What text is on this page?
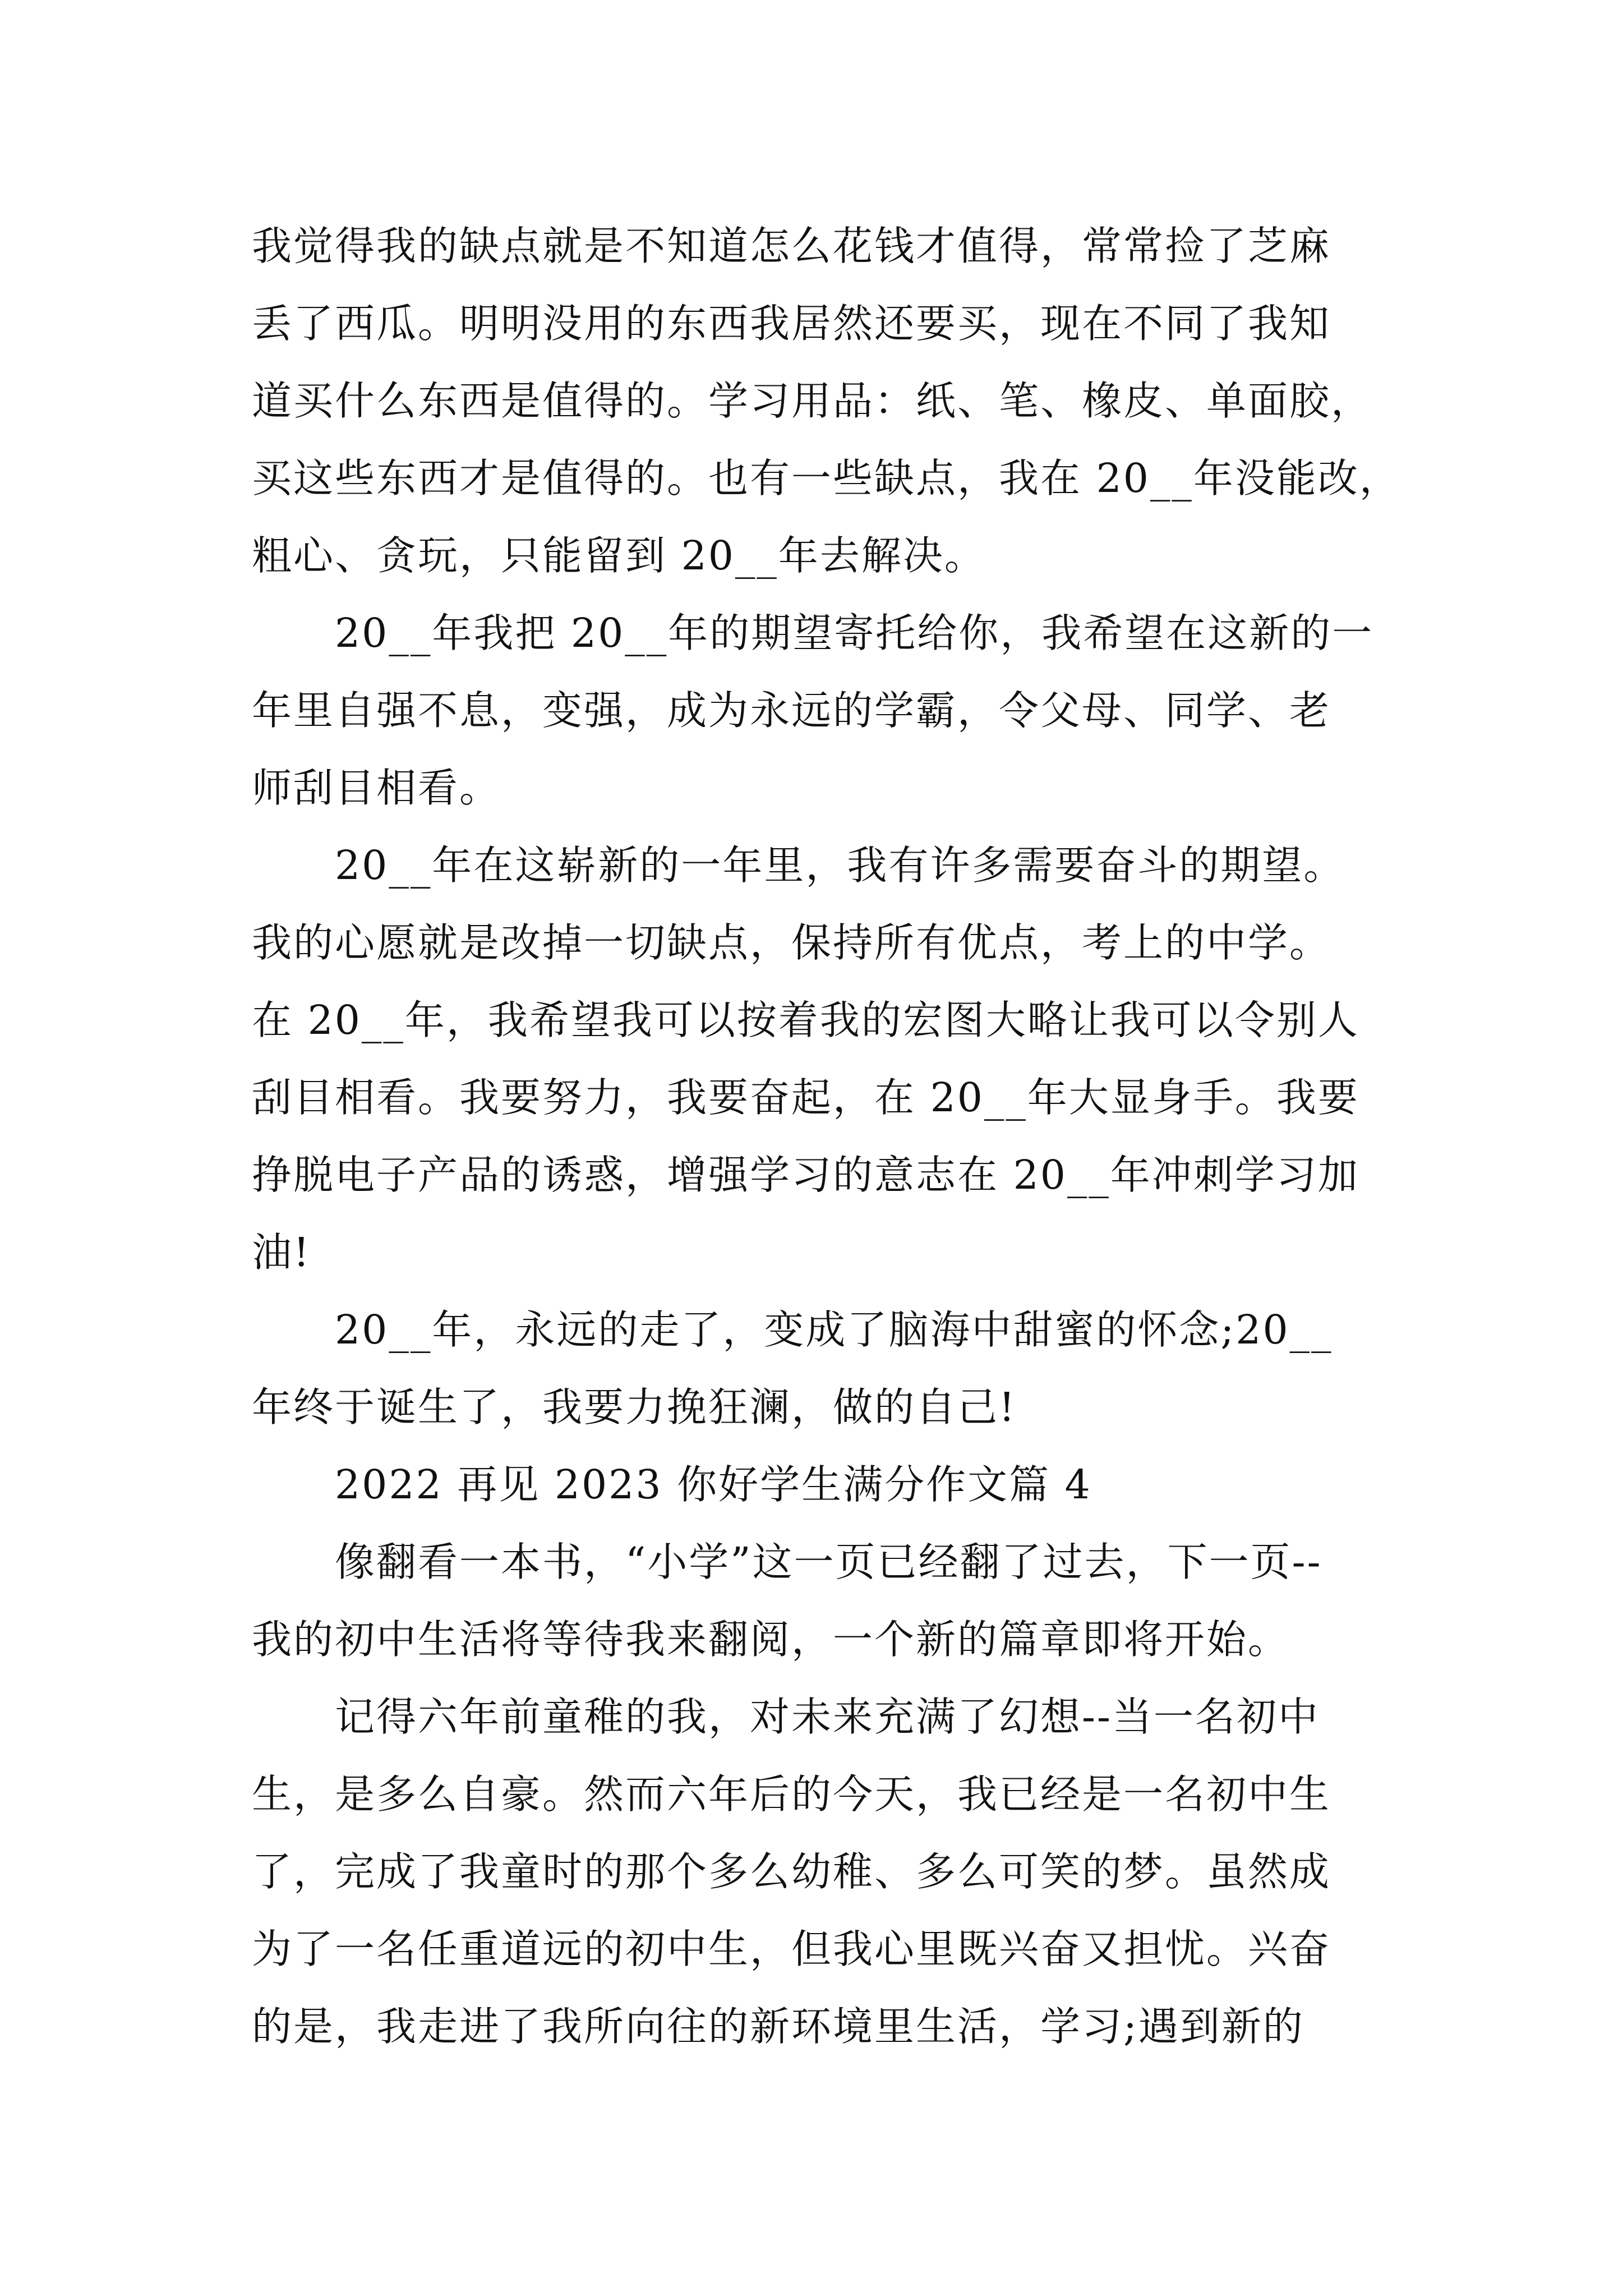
我觉得我的缺点就是不知道怎么花钱才值得，常常捡了芝麻
丢了西瓜。明明没用的东西我居然还要买，现在不同了我知
道买什么东西是值得的。学习用品：纸、笔、橡皮、单面胶，
买这些东西才是值得的。也有一些缺点，我在 20__年没能改，
粗心、贪玩，只能留到 20__年去解决。
20__年我把 20__年的期望寄托给你，我希望在这新的一
年里自强不息，变强，成为永远的学霸，令父母、同学、老
师刮目相看。
20__年在这崭新的一年里，我有许多需要奋斗的期望。
我的心愿就是改掉一切缺点，保持所有优点，考上的中学。
在 20__年，我希望我可以按着我的宏图大略让我可以令别人
刮目相看。我要努力，我要奋起，在 20__年大显身手。我要
挣脱电子产品的诱惑，增强学习的意志在 20__年冲刺学习加
油!
20__年，永远的走了，变成了脑海中甜蜜的怀念;20__
年终于诞生了，我要力挽狂澜，做的自己!
2022 再见 2023 你好学生满分作文篇 4
像翻看一本书，“小学”这一页已经翻了过去，下一页--
我的初中生活将等待我来翻阅，一个新的篇章即将开始。
记得六年前童稚的我，对未来充满了幻想--当一名初中
生，是多么自豪。然而六年后的今天，我已经是一名初中生
了，完成了我童时的那个多么幼稚、多么可笑的梦。虽然成
为了一名任重道远的初中生，但我心里既兴奋又担忧。兴奋
的是，我走进了我所向往的新环境里生活，学习;遇到新的
